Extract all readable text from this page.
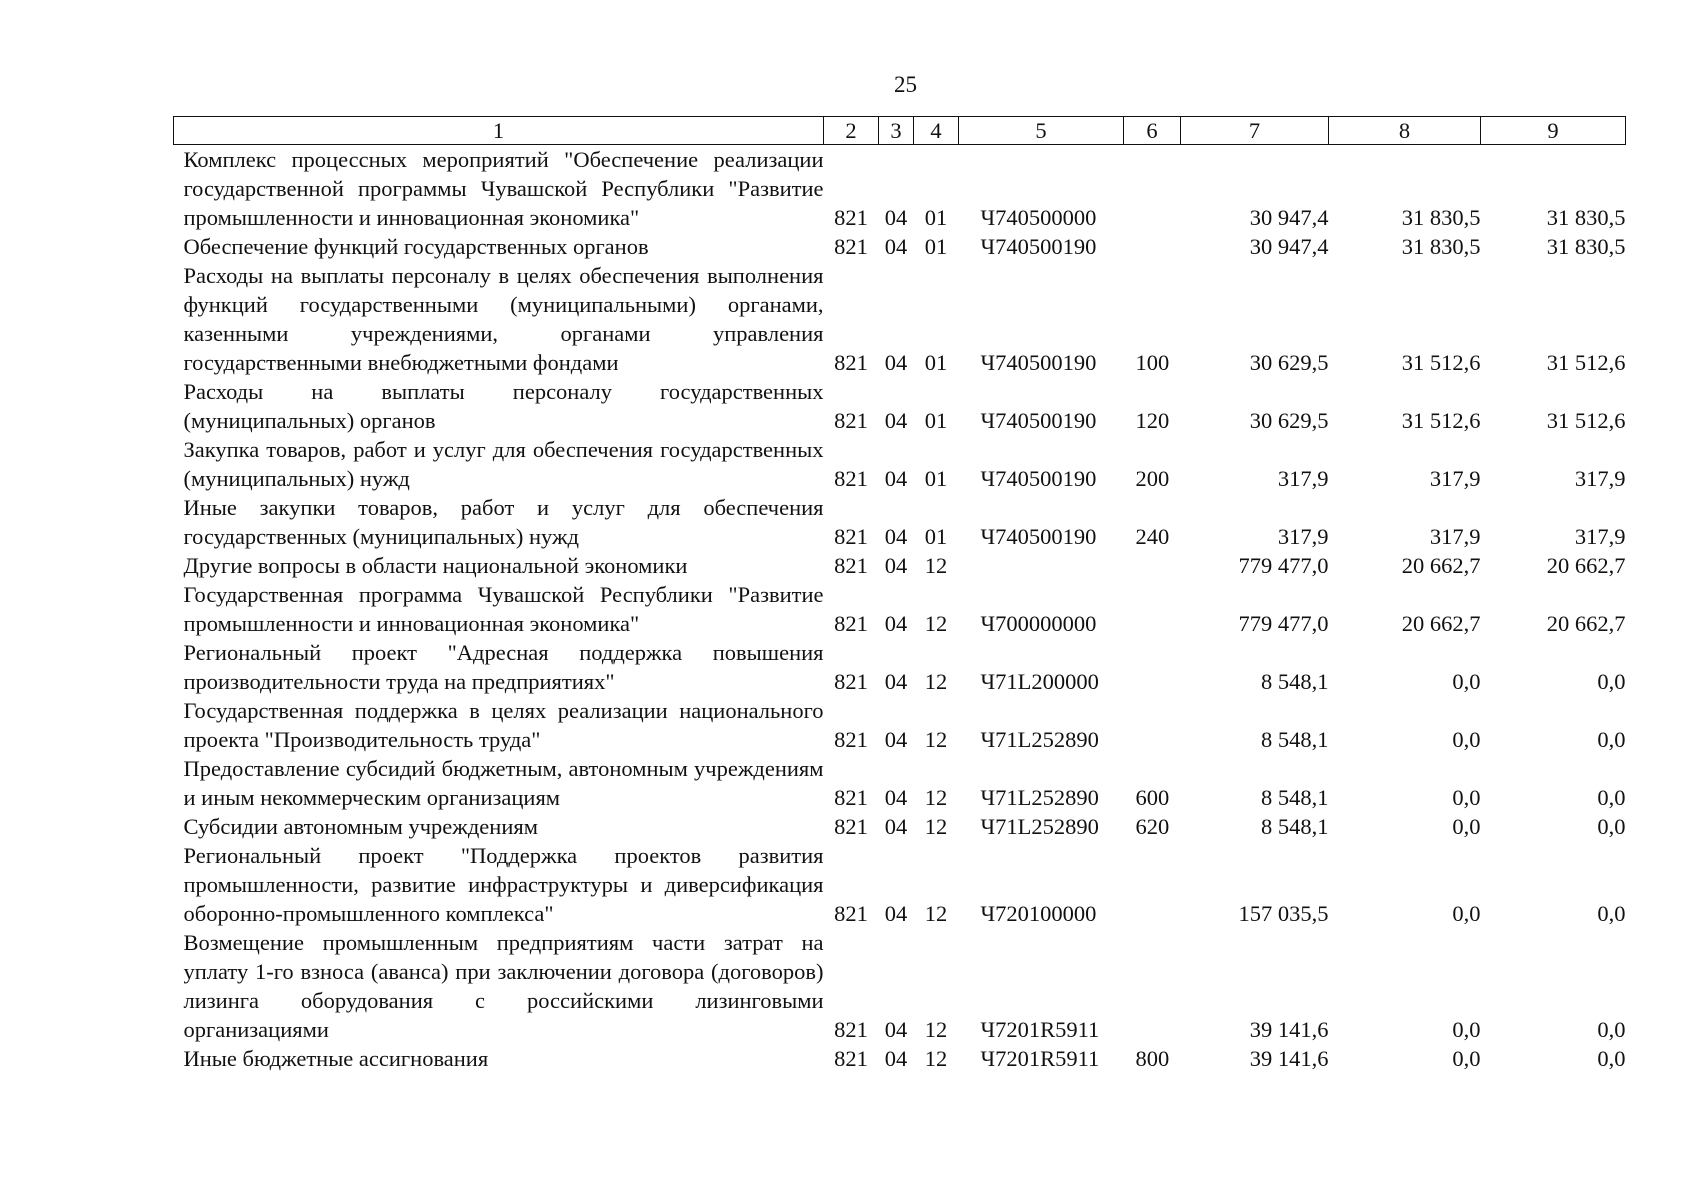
25
1	2	3	4	5	6	7	8	9
Комплекс процессных мероприятий "Обеспечение реализации государственной программы Чувашской Республики "Развитие промышленности и инновационная экономика"	821	04	01	Ч740500000		30 947,4	31 830,5	31 830,5
Обеспечение функций государственных органов	821	04	01	Ч740500190		30 947,4	31 830,5	31 830,5
Расходы на выплаты персоналу в целях обеспечения выполнения функций государственными (муниципальными) органами, казенными учреждениями, органами управления государственными внебюджетными фондами	821	04	01	Ч740500190	100	30 629,5	31 512,6	31 512,6
Расходы на выплаты персоналу государственных (муниципальных) органов	821	04	01	Ч740500190	120	30 629,5	31 512,6	31 512,6
Закупка товаров, работ и услуг для обеспечения государственных (муниципальных) нужд	821	04	01	Ч740500190	200	317,9	317,9	317,9
Иные закупки товаров, работ и услуг для обеспечения государственных (муниципальных) нужд	821	04	01	Ч740500190	240	317,9	317,9	317,9
Другие вопросы в области национальной экономики	821	04	12			779 477,0	20 662,7	20 662,7
Государственная программа Чувашской Республики "Развитие промышленности и инновационная экономика"	821	04	12	Ч700000000		779 477,0	20 662,7	20 662,7
Региональный проект "Адресная поддержка повышения производительности труда на предприятиях"	821	04	12	Ч71L200000		8 548,1	0,0	0,0
Государственная поддержка в целях реализации национального проекта "Производительность труда"	821	04	12	Ч71L252890		8 548,1	0,0	0,0
Предоставление субсидий бюджетным, автономным учреждениям и иным некоммерческим организациям	821	04	12	Ч71L252890	600	8 548,1	0,0	0,0
Субсидии автономным учреждениям	821	04	12	Ч71L252890	620	8 548,1	0,0	0,0
Региональный проект "Поддержка проектов развития промышленности, развитие инфраструктуры и диверсификация оборонно-промышленного комплекса"	821	04	12	Ч720100000		157 035,5	0,0	0,0
Возмещение промышленным предприятиям части затрат на уплату 1-го взноса (аванса) при заключении договора (договоров) лизинга оборудования с российскими лизинговыми организациями	821	04	12	Ч7201R5911		39 141,6	0,0	0,0
Иные бюджетные ассигнования	821	04	12	Ч7201R5911	800	39 141,6	0,0	0,0
